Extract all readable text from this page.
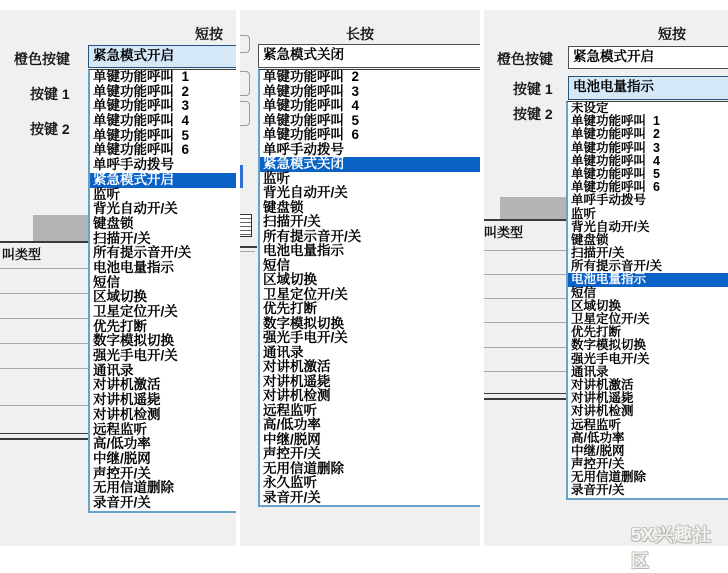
短按
橙色按键	紧急模式开启
按键 1
按键 2
叫类型
单键功能呼叫  1
单键功能呼叫  2
单键功能呼叫  3
单键功能呼叫  4
单键功能呼叫  5
单键功能呼叫  6
单呼手动拨号
紧急模式开启
监听
背光自动开/关
键盘锁
扫描开/关
所有提示音开/关
电池电量指示
短信
区域切换
卫星定位开/关
优先打断
数字模拟切换
强光手电开/关
通讯录
对讲机激活
对讲机遥毙
对讲机检测
远程监听
高/低功率
中继/脱网
声控开/关
无用信道删除
录音开/关
长按
紧急模式关闭
单键功能呼叫  2
单键功能呼叫  3
单键功能呼叫  4
单键功能呼叫  5
单键功能呼叫  6
单呼手动拨号
紧急模式关闭
监听
背光自动开/关
键盘锁
扫描开/关
所有提示音开/关
电池电量指示
短信
区域切换
卫星定位开/关
优先打断
数字模拟切换
强光手电开/关
通讯录
对讲机激活
对讲机遥毙
对讲机检测
远程监听
高/低功率
中继/脱网
声控开/关
无用信道删除
永久监听
录音开/关
短按
橙色按键	紧急模式开启
按键 1	电池电量指示
按键 2
叫类型
未设定
单键功能呼叫  1
单键功能呼叫  2
单键功能呼叫  3
单键功能呼叫  4
单键功能呼叫  5
单键功能呼叫  6
单呼手动拨号
监听
背光自动开/关
键盘锁
扫描开/关
所有提示音开/关
电池电量指示
短信
区域切换
卫星定位开/关
优先打断
数字模拟切换
强光手电开/关
通讯录
对讲机激活
对讲机遥毙
对讲机检测
远程监听
高/低功率
中继/脱网
声控开/关
无用信道删除
录音开/关
5X兴趣社区
